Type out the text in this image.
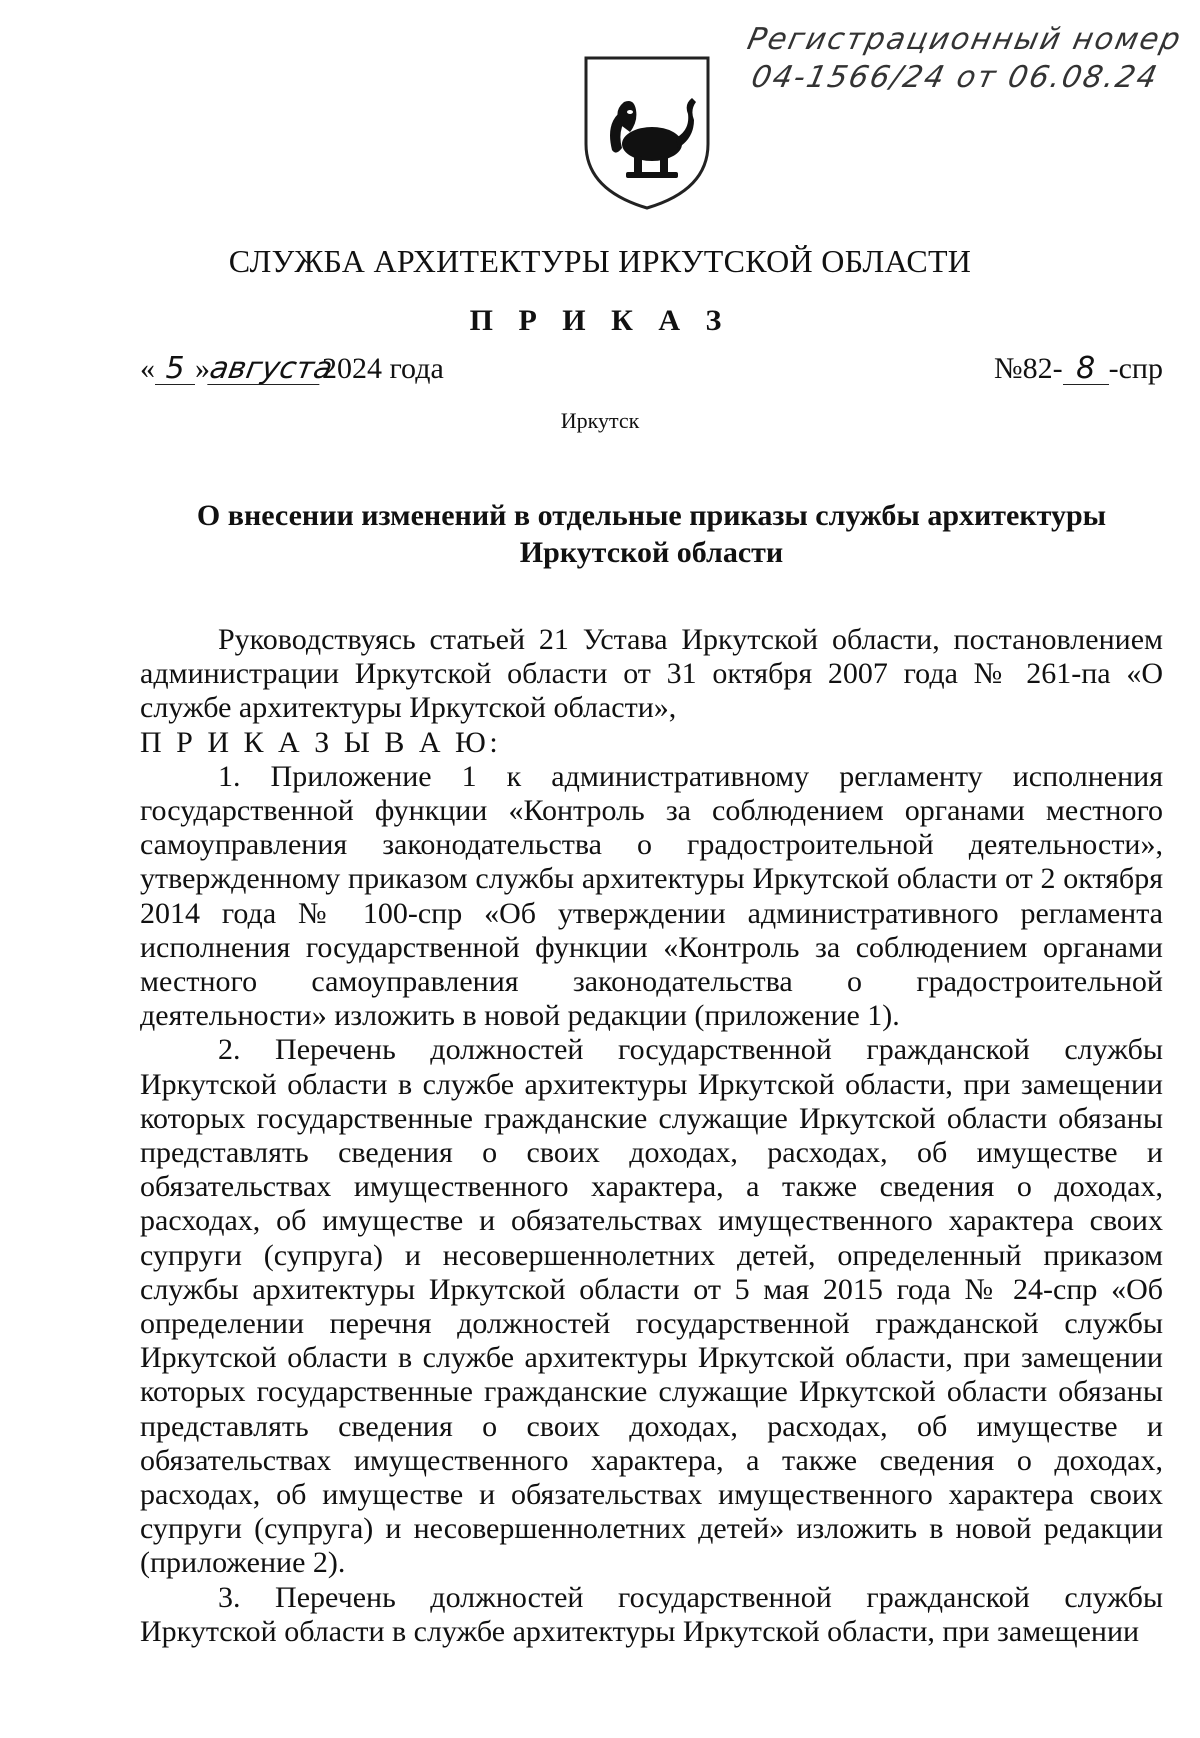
Регистрационный номер
04-1566/24 от 06.08.24
СЛУЖБА АРХИТЕКТУРЫ ИРКУТСКОЙ ОБЛАСТИ
П Р И К А З
« 5 »августа2024 года	№82- 8 -спр
Иркутск
О внесении изменений в отдельные приказы службы архитектуры
Иркутской области

Руководствуясь статьей 21 Устава Иркутской области, постановлением администрации Иркутской области от 31 октября 2007 года № 261-па «О службе архитектуры Иркутской области»,

П Р И К А З Ы В А Ю:

1. Приложение 1 к административному регламенту исполнения государственной функции «Контроль за соблюдением органами местного самоуправления законодательства о градостроительной деятельности», утвержденному приказом службы архитектуры Иркутской области от 2 октября 2014 года № 100-спр «Об утверждении административного регламента исполнения государственной функции «Контроль за соблюдением органами местного самоуправления законодательства о градостроительной деятельности» изложить в новой редакции (приложение 1).

2. Перечень должностей государственной гражданской службы Иркутской области в службе архитектуры Иркутской области, при замещении которых государственные гражданские служащие Иркутской области обязаны представлять сведения о своих доходах, расходах, об имуществе и обязательствах имущественного характера, а также сведения о доходах, расходах, об имуществе и обязательствах имущественного характера своих супруги (супруга) и несовершеннолетних детей, определенный приказом службы архитектуры Иркутской области от 5 мая 2015 года № 24-спр «Об определении перечня должностей государственной гражданской службы Иркутской области в службе архитектуры Иркутской области, при замещении которых государственные гражданские служащие Иркутской области обязаны представлять сведения о своих доходах, расходах, об имуществе и обязательствах имущественного характера, а также сведения о доходах, расходах, об имуществе и обязательствах имущественного характера своих супруги (супруга) и несовершеннолетних детей» изложить в новой редакции (приложение 2).

3. Перечень должностей государственной гражданской службы Иркутской области в службе архитектуры Иркутской области, при замещении
